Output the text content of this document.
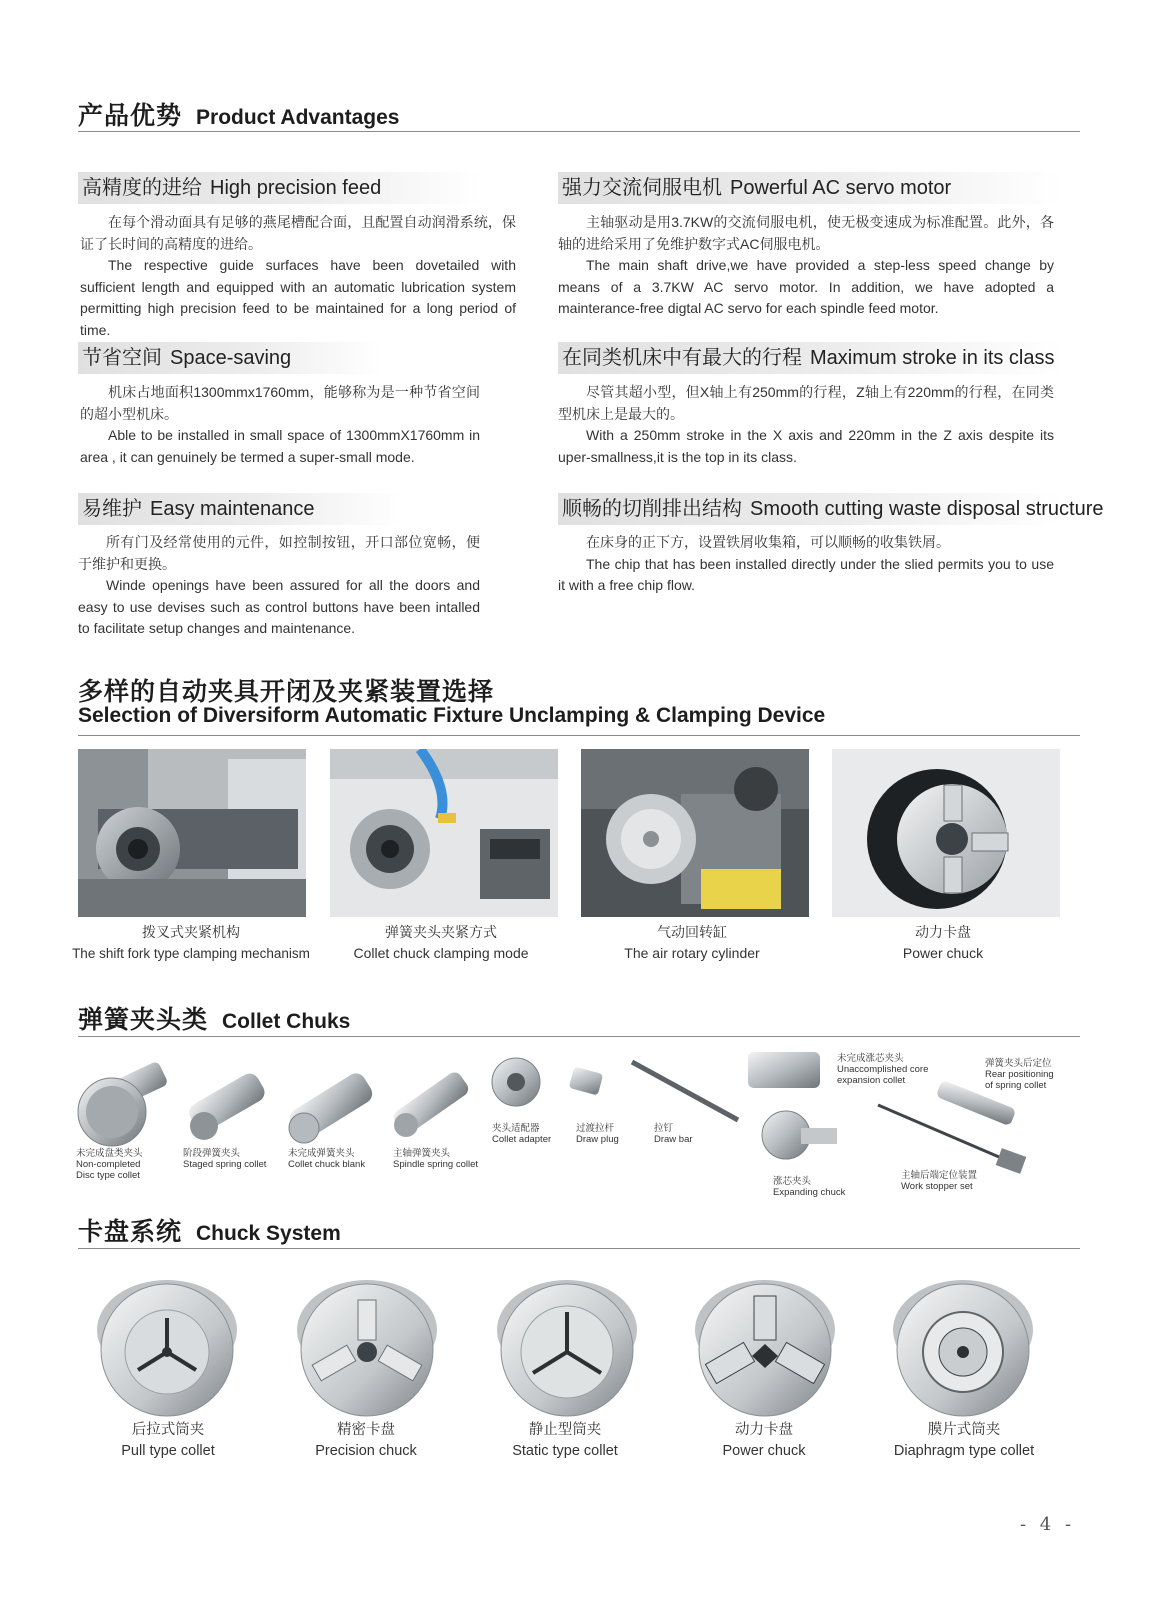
产品优势 Product Advantages
高精度的进给 High precision feed

在每个滑动面具有足够的燕尾槽配合面，且配置自动润滑系统，保证了长时间的高精度的进给。

The respective guide surfaces have been dovetailed with sufficient length and equipped with an automatic lubrication system permitting high precision feed to be maintained for a long period of time.

强力交流伺服电机 Powerful AC servo motor

主轴驱动是用3.7KW的交流伺服电机，使无极变速成为标准配置。此外，各轴的进给采用了免维护数字式AC伺服电机。

The main shaft drive,we have provided a step-less speed change by means of a 3.7KW AC servo motor. In addition, we have adopted a mainterance-free digtal AC servo for each spindle feed motor.

节省空间 Space-saving

机床占地面积1300mmx1760mm，能够称为是一种节省空间的超小型机床。

Able to be installed in small space of 1300mmX1760mm in area , it can genuinely be termed a super-small mode.

在同类机床中有最大的行程 Maximum stroke in its class

尽管其超小型，但X轴上有250mm的行程，Z轴上有220mm的行程，在同类型机床上是最大的。

With a 250mm stroke in the X axis and 220mm in the Z axis despite its uper-smallness,it is the top in its class.

易维护 Easy maintenance

所有门及经常使用的元件，如控制按钮，开口部位宽畅，便于维护和更换。

Winde openings have been assured for all the doors and easy to use devises such as control buttons have been intalled to facilitate setup changes and maintenance.

顺畅的切削排出结构 Smooth cutting waste disposal structure

在床身的正下方，设置铁屑收集箱，可以顺畅的收集铁屑。

The chip that has been installed directly under the slied permits you to use it with a free chip flow.

多样的自动夹具开闭及夹紧装置选择
Selection of Diversiform Automatic Fixture Unclamping & Clamping Device
拨叉式夹紧机构
The shift fork type clamping mechanism
弹簧夹头夹紧方式
Collet chuck clamping mode
气动回转缸
The air rotary cylinder
动力卡盘
Power chuck
弹簧夹头类 Collet Chuks
未完成盘类夹头
Non-completed
Disc type collet
阶段弹簧夹头
Staged spring collet
未完成弹簧夹头
Collet chuck blank
主轴弹簧夹头
Spindle spring collet
夹头适配器
Collet adapter
过渡拉杆
Draw plug
拉钉
Draw bar
涨芯夹头
Expanding chuck
未完成涨芯夹头
Unaccomplished core
expansion collet
弹簧夹头后定位
Rear positioning
of spring collet
主轴后端定位装置
Work stopper set
卡盘系统 Chuck System
后拉式筒夹
Pull type collet
精密卡盘
Precision chuck
静止型筒夹
Static type collet
动力卡盘
Power chuck
膜片式筒夹
Diaphragm type collet
- 4 -
